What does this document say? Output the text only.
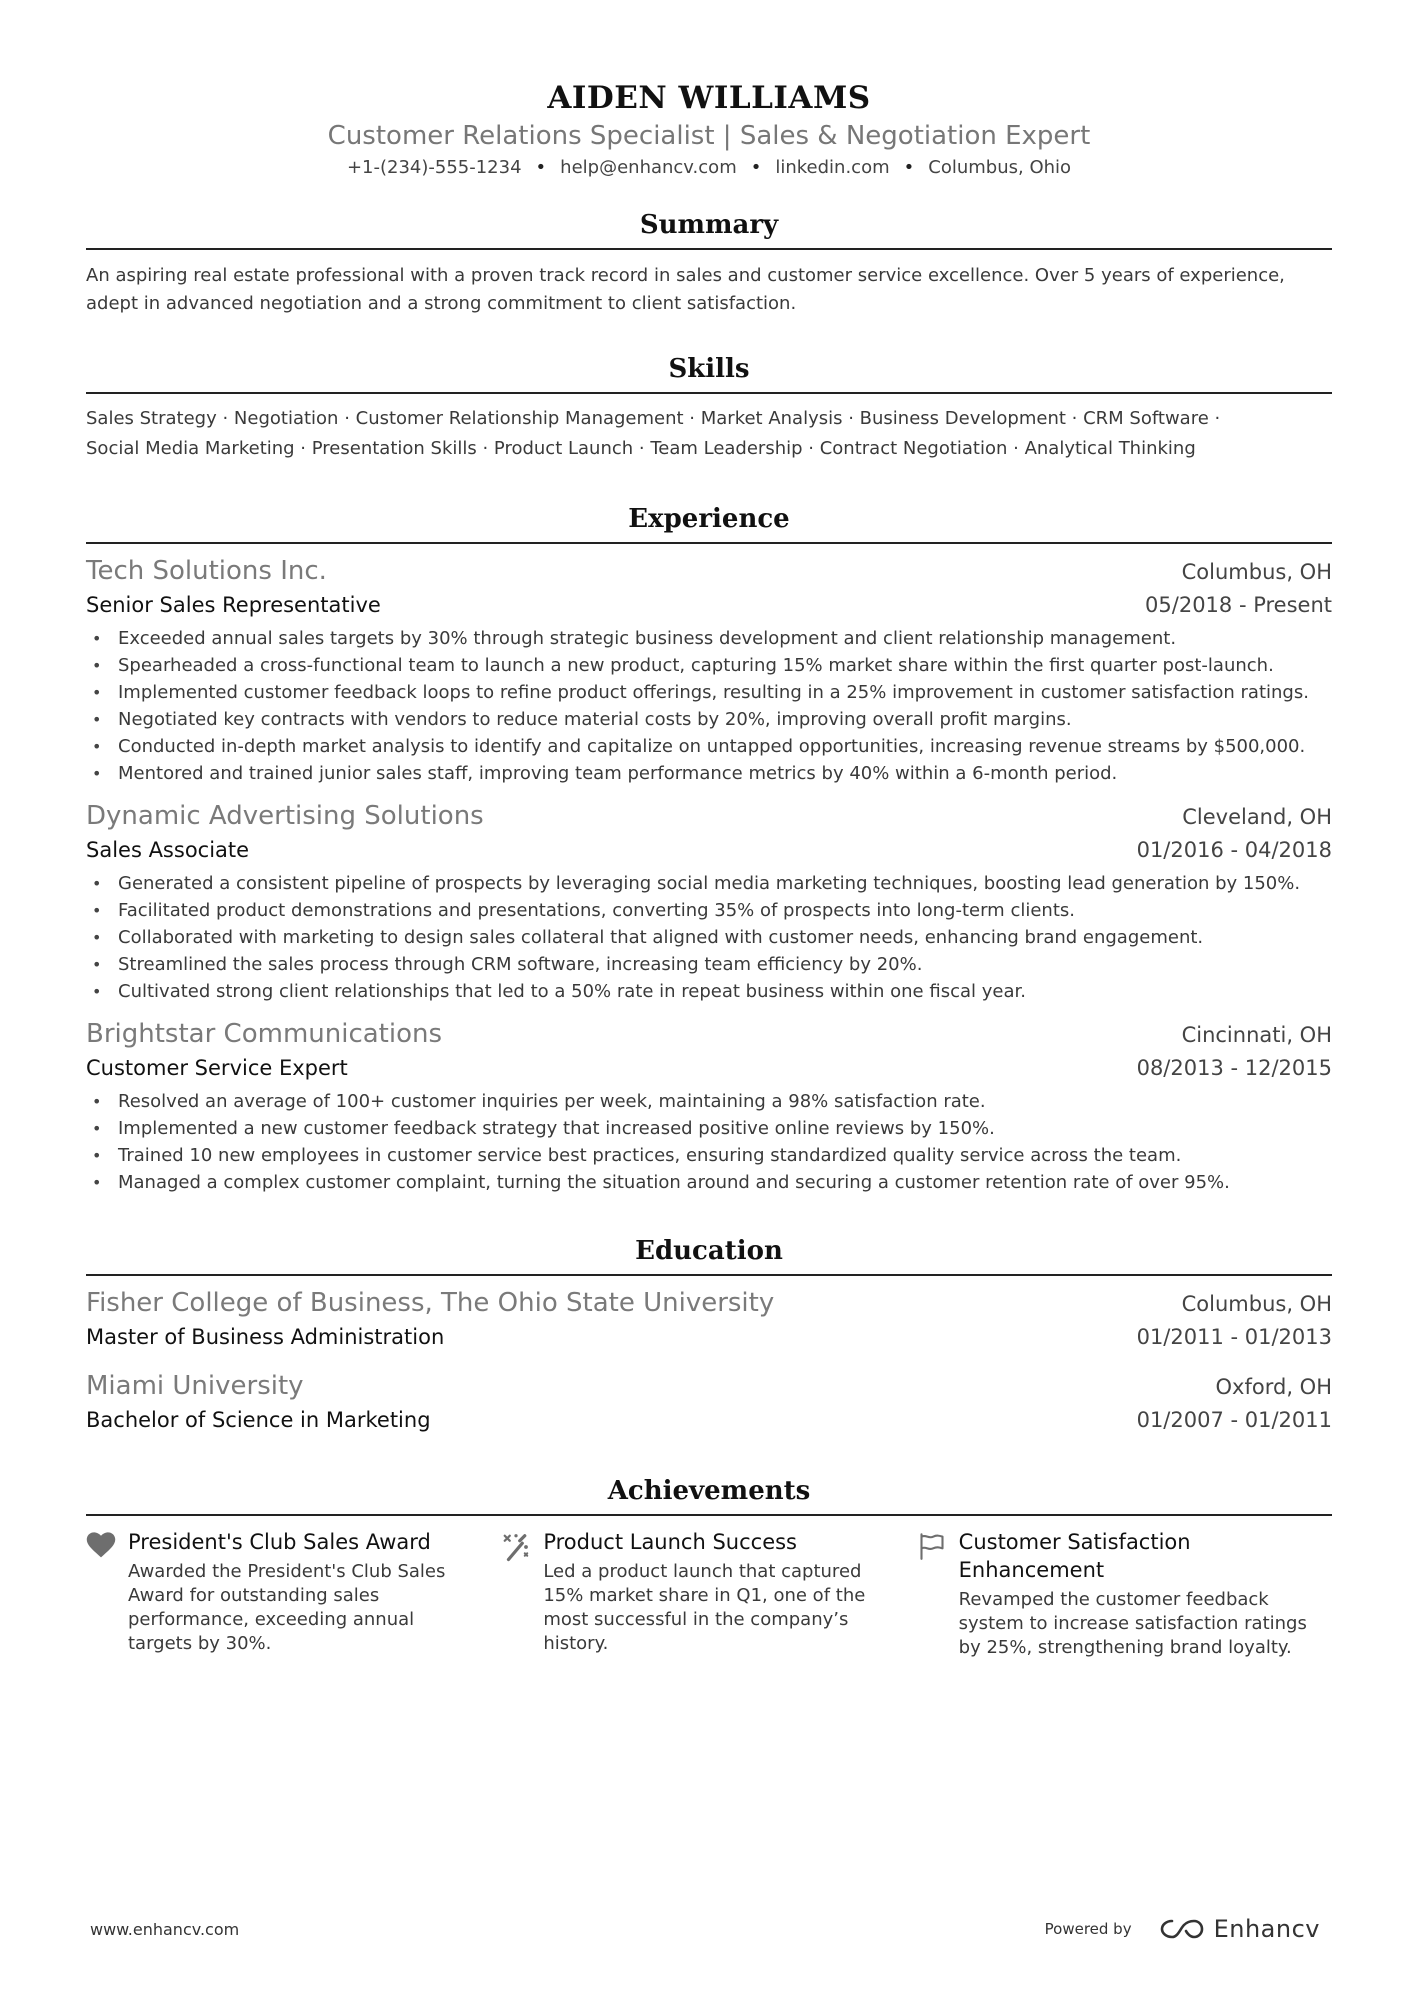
AIDEN WILLIAMS
Customer Relations Specialist | Sales & Negotiation Expert
+1-(234)-555-1234 • help@enhancv.com • linkedin.com • Columbus, Ohio
Summary
An aspiring real estate professional with a proven track record in sales and customer service excellence. Over 5 years of experience, adept in advanced negotiation and a strong commitment to client satisfaction.
Skills
Sales Strategy · Negotiation · Customer Relationship Management · Market Analysis · Business Development · CRM Software ·
Social Media Marketing · Presentation Skills · Product Launch · Team Leadership · Contract Negotiation · Analytical Thinking
Experience
Tech Solutions Inc.	Columbus, OH
Senior Sales Representative	05/2018 - Present
• Exceeded annual sales targets by 30% through strategic business development and client relationship management.
• Spearheaded a cross-functional team to launch a new product, capturing 15% market share within the first quarter post-launch.
• Implemented customer feedback loops to refine product offerings, resulting in a 25% improvement in customer satisfaction ratings.
• Negotiated key contracts with vendors to reduce material costs by 20%, improving overall profit margins.
• Conducted in-depth market analysis to identify and capitalize on untapped opportunities, increasing revenue streams by $500,000.
• Mentored and trained junior sales staff, improving team performance metrics by 40% within a 6-month period.
Dynamic Advertising Solutions	Cleveland, OH
Sales Associate	01/2016 - 04/2018
• Generated a consistent pipeline of prospects by leveraging social media marketing techniques, boosting lead generation by 150%.
• Facilitated product demonstrations and presentations, converting 35% of prospects into long-term clients.
• Collaborated with marketing to design sales collateral that aligned with customer needs, enhancing brand engagement.
• Streamlined the sales process through CRM software, increasing team efficiency by 20%.
• Cultivated strong client relationships that led to a 50% rate in repeat business within one fiscal year.
Brightstar Communications	Cincinnati, OH
Customer Service Expert	08/2013 - 12/2015
• Resolved an average of 100+ customer inquiries per week, maintaining a 98% satisfaction rate.
• Implemented a new customer feedback strategy that increased positive online reviews by 150%.
• Trained 10 new employees in customer service best practices, ensuring standardized quality service across the team.
• Managed a complex customer complaint, turning the situation around and securing a customer retention rate of over 95%.
Education
Fisher College of Business, The Ohio State University	Columbus, OH
Master of Business Administration	01/2011 - 01/2013
Miami University	Oxford, OH
Bachelor of Science in Marketing	01/2007 - 01/2011
Achievements
President's Club Sales Award
Awarded the President's Club Sales Award for outstanding sales performance, exceeding annual targets by 30%.
Product Launch Success
Led a product launch that captured 15% market share in Q1, one of the most successful in the company’s history.
Customer Satisfaction Enhancement
Revamped the customer feedback system to increase satisfaction ratings by 25%, strengthening brand loyalty.
www.enhancv.com	Powered by	Enhancv
